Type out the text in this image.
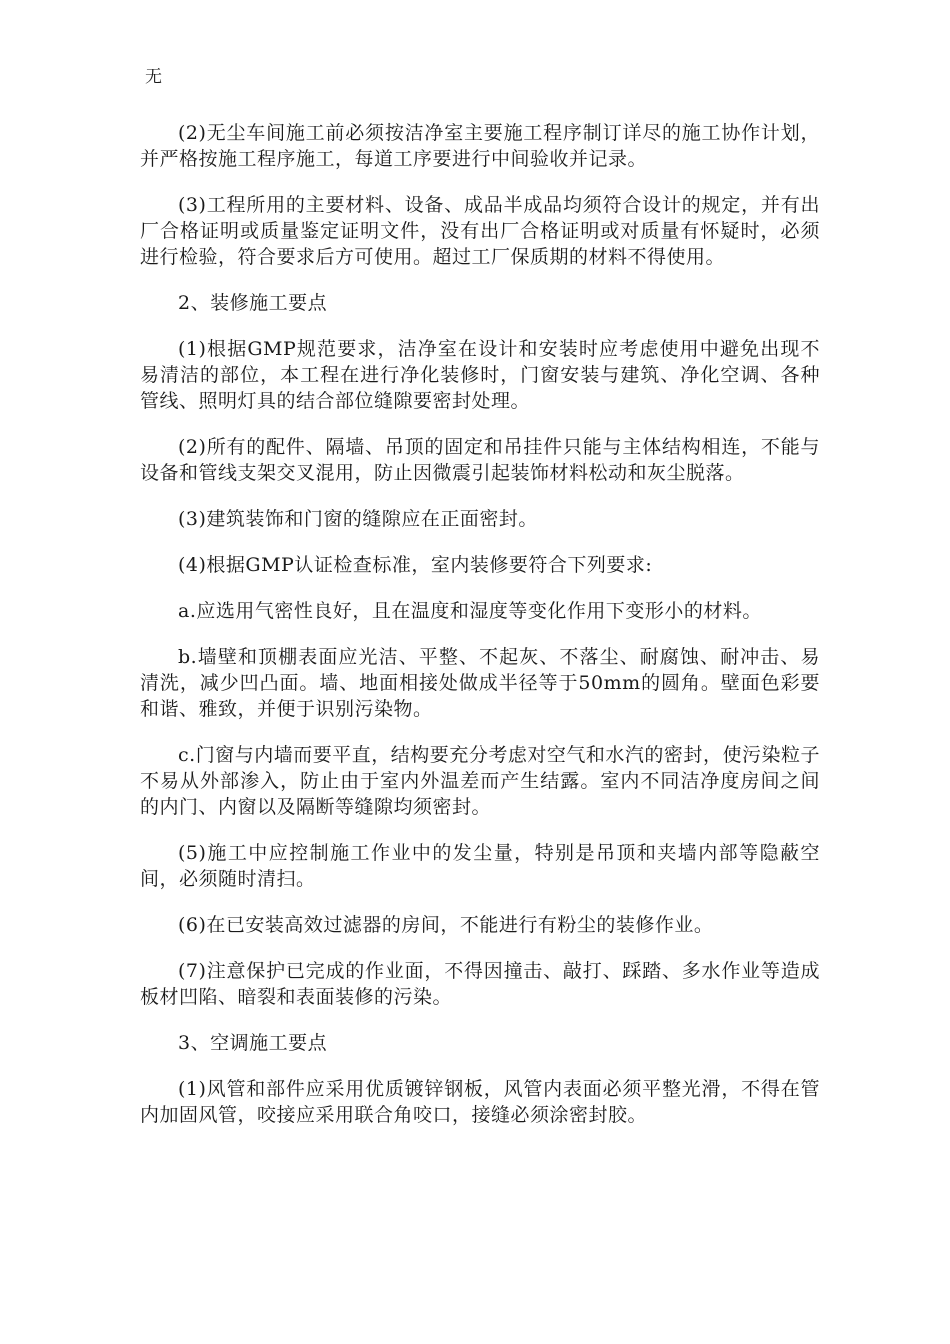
无

(2)无尘车间施工前必须按洁净室主要施工程序制订详尽的施工协作计划，并严格按施工程序施工，每道工序要进行中间验收并记录。

(3)工程所用的主要材料、设备、成品半成品均须符合设计的规定，并有出厂合格证明或质量鉴定证明文件，没有出厂合格证明或对质量有怀疑时，必须进行检验，符合要求后方可使用。超过工厂保质期的材料不得使用。

2、装修施工要点

(1)根据GMP规范要求，洁净室在设计和安装时应考虑使用中避免出现不易清洁的部位，本工程在进行净化装修时，门窗安装与建筑、净化空调、各种管线、照明灯具的结合部位缝隙要密封处理。

(2)所有的配件、隔墙、吊顶的固定和吊挂件只能与主体结构相连，不能与设备和管线支架交叉混用，防止因微震引起装饰材料松动和灰尘脱落。

(3)建筑装饰和门窗的缝隙应在正面密封。

(4)根据GMP认证检查标准，室内装修要符合下列要求:

a.应选用气密性良好，且在温度和湿度等变化作用下变形小的材料。

b.墙壁和顶棚表面应光洁、平整、不起灰、不落尘、耐腐蚀、耐冲击、易清洗，减少凹凸面。墙、地面相接处做成半径等于50mm的圆角。壁面色彩要和谐、雅致，并便于识别污染物。

c.门窗与内墙而要平直，结构要充分考虑对空气和水汽的密封，使污染粒子不易从外部渗入，防止由于室内外温差而产生结露。室内不同洁净度房间之间的内门、内窗以及隔断等缝隙均须密封。

(5)施工中应控制施工作业中的发尘量，特别是吊顶和夹墙内部等隐蔽空间，必须随时清扫。

(6)在已安装高效过滤器的房间，不能进行有粉尘的装修作业。

(7)注意保护已完成的作业面，不得因撞击、敲打、踩踏、多水作业等造成板材凹陷、暗裂和表面装修的污染。

3、空调施工要点

(1)风管和部件应采用优质镀锌钢板，风管内表面必须平整光滑，不得在管内加固风管，咬接应采用联合角咬口，接缝必须涂密封胶。
